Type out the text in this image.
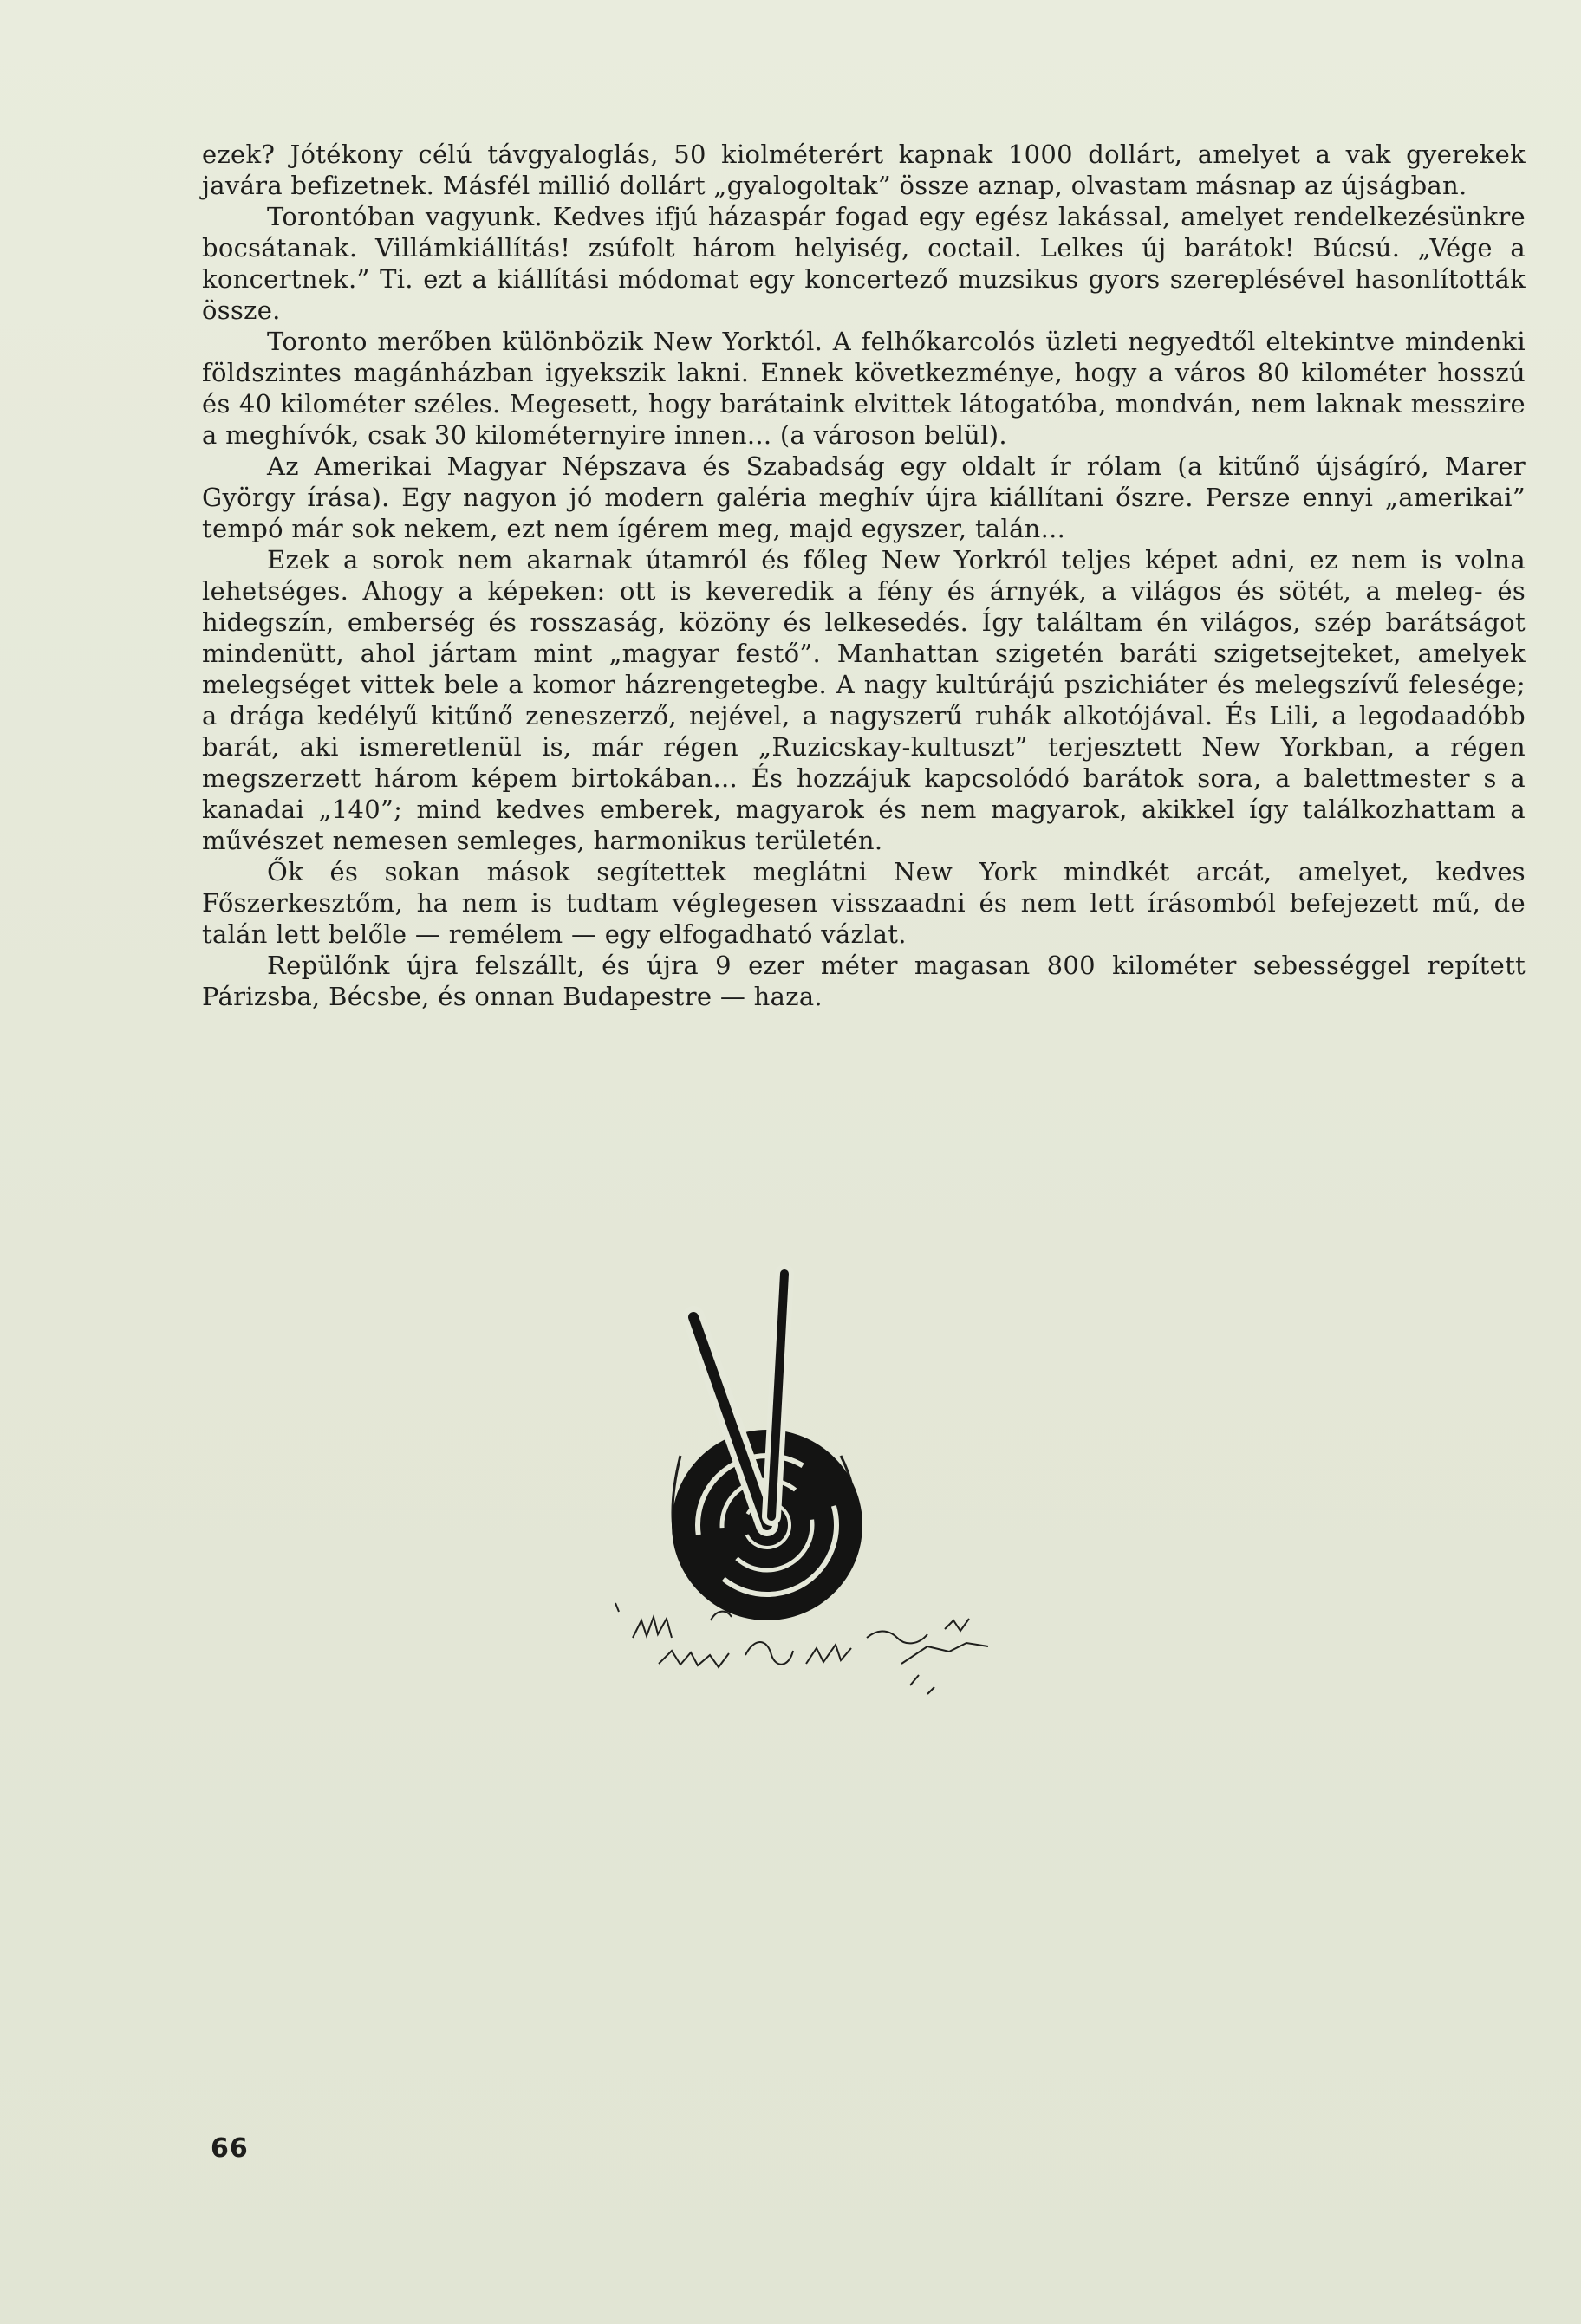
ezek? Jótékony célú távgyaloglás, 50 kiolméterért kapnak 1000 dollárt, amelyet a vak gyerekek javára befizetnek. Másfél millió dollárt „gyalogoltak” össze aznap, olvastam másnap az újságban.

Torontóban vagyunk. Kedves ifjú házaspár fogad egy egész lakással, amelyet rendelkezésünkre bocsátanak. Villámkiállítás! zsúfolt három helyiség, coctail. Lelkes új barátok! Búcsú. „Vége a koncertnek.” Ti. ezt a kiállítási módomat egy koncertező muzsikus gyors szereplésével hasonlították össze.

Toronto merőben különbözik New Yorktól. A felhőkarcolós üzleti negyedtől eltekintve mindenki földszintes magánházban igyekszik lakni. Ennek következménye, hogy a város 80 kilométer hosszú és 40 kilométer széles. Megesett, hogy barátaink elvittek látogatóba, mondván, nem laknak messzire a meghívók, csak 30 kilométernyire innen... (a városon belül).

Az Amerikai Magyar Népszava és Szabadság egy oldalt ír rólam (a kitűnő újságíró, Marer György írása). Egy nagyon jó modern galéria meghív újra kiállítani őszre. Persze ennyi „amerikai” tempó már sok nekem, ezt nem ígérem meg, majd egyszer, talán...

Ezek a sorok nem akarnak útamról és főleg New Yorkról teljes képet adni, ez nem is volna lehetséges. Ahogy a képeken: ott is keveredik a fény és árnyék, a világos és sötét, a meleg- és hidegszín, emberség és rosszaság, közöny és lelkesedés. Így találtam én világos, szép barátságot mindenütt, ahol jártam mint „magyar festő”. Manhattan szigetén baráti szigetsejteket, amelyek melegséget vittek bele a komor házrengetegbe. A nagy kultúrájú pszichiáter és melegszívű felesége; a drága kedélyű kitűnő zeneszerző, nejével, a nagyszerű ruhák alkotójával. És Lili, a legodaadóbb barát, aki ismeretlenül is, már régen „Ruzicskay-kultuszt” terjesztett New Yorkban, a régen megszerzett három képem birtokában... És hozzájuk kapcsolódó barátok sora, a balettmester s a kanadai „140”; mind kedves emberek, magyarok és nem magyarok, akikkel így találkozhattam a művészet nemesen semleges, harmonikus területén.

Ők és sokan mások segítettek meglátni New York mindkét arcát, amelyet, kedves Főszerkesztőm, ha nem is tudtam véglegesen visszaadni és nem lett írásomból befejezett mű, de talán lett belőle — remélem — egy elfogadható vázlat.

Repülőnk újra felszállt, és újra 9 ezer méter magasan 800 kilométer sebességgel repített Párizsba, Bécsbe, és onnan Budapestre — haza.

66
